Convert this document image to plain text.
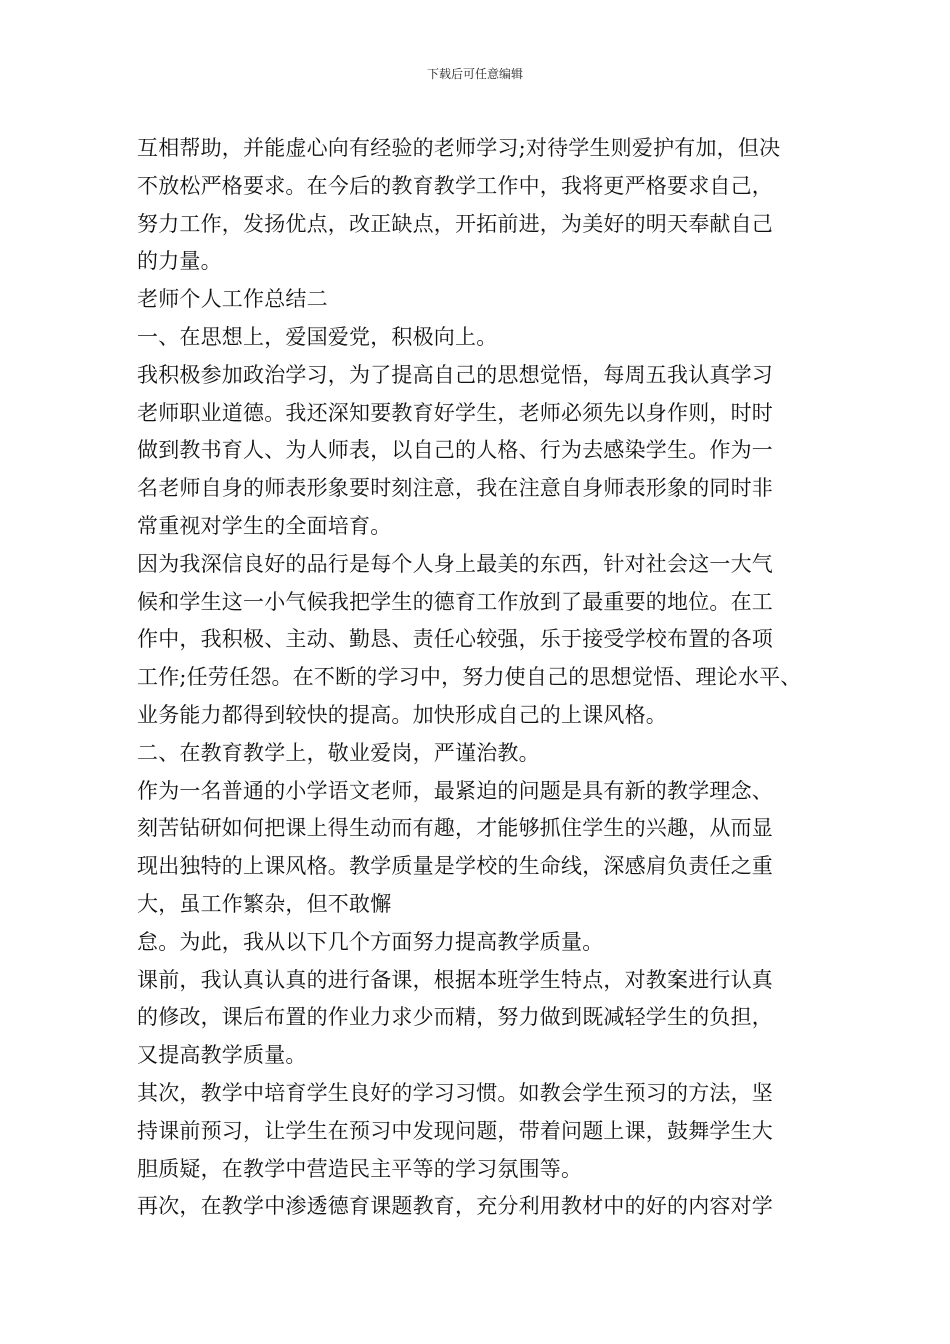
下载后可任意编辑
互相帮助，并能虚心向有经验的老师学习;对待学生则爱护有加，但决
不放松严格要求。在今后的教育教学工作中，我将更严格要求自己，
努力工作，发扬优点，改正缺点，开拓前进，为美好的明天奉献自己
的力量。
老师个人工作总结二
一、在思想上，爱国爱党，积极向上。
我积极参加政治学习，为了提高自己的思想觉悟，每周五我认真学习
老师职业道德。我还深知要教育好学生，老师必须先以身作则，时时
做到教书育人、为人师表，以自己的人格、行为去感染学生。作为一
名老师自身的师表形象要时刻注意，我在注意自身师表形象的同时非
常重视对学生的全面培育。
因为我深信良好的品行是每个人身上最美的东西，针对社会这一大气
候和学生这一小气候我把学生的德育工作放到了最重要的地位。在工
作中，我积极、主动、勤恳、责任心较强，乐于接受学校布置的各项
工作;任劳任怨。在不断的学习中，努力使自己的思想觉悟、理论水平、
业务能力都得到较快的提高。加快形成自己的上课风格。
二、在教育教学上，敬业爱岗，严谨治教。
作为一名普通的小学语文老师，最紧迫的问题是具有新的教学理念、
刻苦钻研如何把课上得生动而有趣，才能够抓住学生的兴趣，从而显
现出独特的上课风格。教学质量是学校的生命线，深感肩负责任之重
大，虽工作繁杂，但不敢懈
怠。为此，我从以下几个方面努力提高教学质量。
课前，我认真认真的进行备课，根据本班学生特点，对教案进行认真
的修改，课后布置的作业力求少而精，努力做到既减轻学生的负担，
又提高教学质量。
其次，教学中培育学生良好的学习习惯。如教会学生预习的方法，坚
持课前预习，让学生在预习中发现问题，带着问题上课，鼓舞学生大
胆质疑，在教学中营造民主平等的学习氛围等。
再次，在教学中渗透德育课题教育，充分利用教材中的好的内容对学
